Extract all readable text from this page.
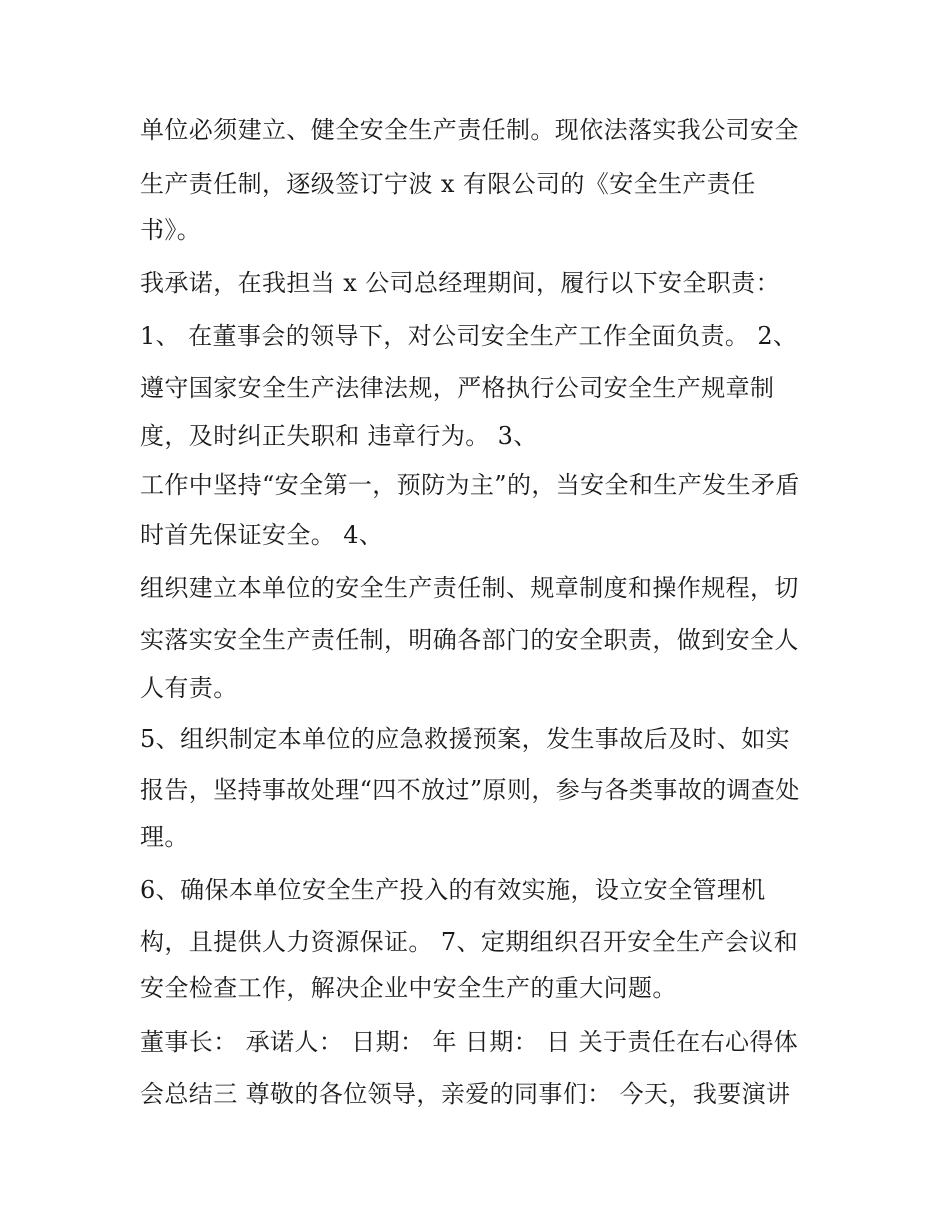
单位必须建立、健全安全生产责任制。现依法落实我公司安全
生产责任制，逐级签订宁波 x 有限公司的《安全生产责任
书》。
我承诺，在我担当 x 公司总经理期间，履行以下安全职责：
1、 在董事会的领导下，对公司安全生产工作全面负责。 2、
遵守国家安全生产法律法规，严格执行公司安全生产规章制
度，及时纠正失职和 违章行为。 3、
工作中坚持“安全第一，预防为主”的，当安全和生产发生矛盾
时首先保证安全。 4、
组织建立本单位的安全生产责任制、规章制度和操作规程，切
实落实安全生产责任制，明确各部门的安全职责，做到安全人
人有责。
5、组织制定本单位的应急救援预案，发生事故后及时、如实
报告，坚持事故处理“四不放过”原则，参与各类事故的调查处
理。
6、确保本单位安全生产投入的有效实施，设立安全管理机
构，且提供人力资源保证。 7、定期组织召开安全生产会议和
安全检查工作，解决企业中安全生产的重大问题。
董事长： 承诺人： 日期： 年 日期： 日 关于责任在右心得体
会总结三 尊敬的各位领导，亲爱的同事们： 今天，我要演讲
